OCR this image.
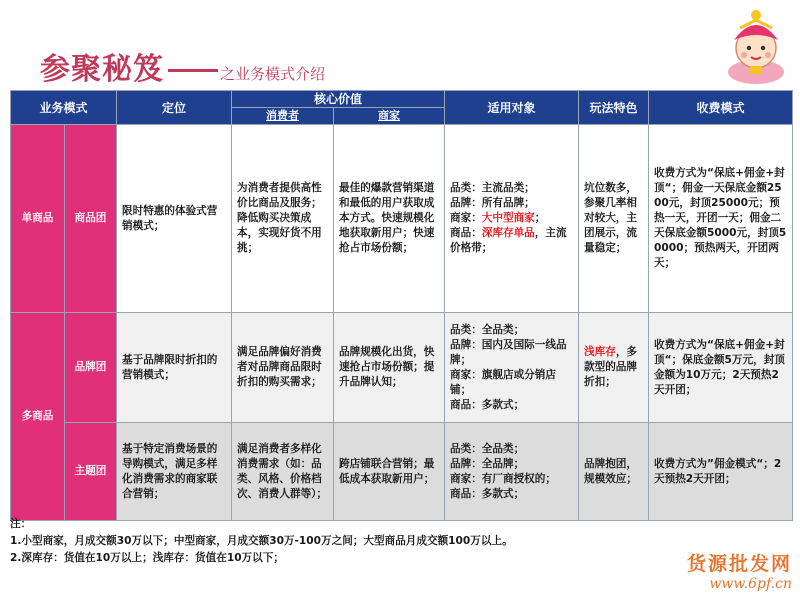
参聚秘笈	之业务模式介绍
业务模式		定位	核心价值		适用对象	玩法特色	收费模式
			消费者	商家			
单商品	商品团	限时特惠的体验式营销模式；	为消费者提供高性价比商品及服务；降低购买决策成本，实现好货不用挑；	最佳的爆款营销渠道和最低的用户获取成本方式。快速规模化地获取新用户；快速抢占市场份额；	品类：主流品类；
品牌：所有品牌；
商家：大中型商家；
商品：深库存单品，主流价格带；	坑位数多，参聚几率相对较大，主团展示，流量稳定；	收费方式为“保底+佣金+封顶“；佣金一天保底金额2500元，封顶25000元；预热一天，开团一天；佣金二天保底金额5000元，封顶50000；预热两天，开团两天；
多商品	品牌团	基于品牌限时折扣的营销模式；	满足品牌偏好消费者对品牌商品限时折扣的购买需求；	品牌规模化出货，快速抢占市场份额；提升品牌认知；	品类：全品类；
品牌：国内及国际一线品牌；
商家：旗舰店或分销店铺；
商品：多款式；	浅库存，多款型的品牌折扣；	收费方式为“保底+佣金+封顶“；保底金额5万元，封顶金额为10万元；2天预热2天开团；
	主题团	基于特定消费场景的导购模式，满足多样化消费需求的商家联合营销；	满足消费者多样化消费需求（如：品类、风格、价格档次、消费人群等）；	跨店铺联合营销；最低成本获取新用户；	品类：全品类；
品牌：全品牌；
商家：有厂商授权的；
商品：多款式；	品牌抱团，规模效应；	收费方式为”佣金模式“；2天预热2天开团；
注：
1.小型商家，月成交额30万以下；中型商家，月成交额30万-100万之间；大型商品月成交额100万以上。
2.深库存：货值在10万以上；浅库存：货值在10万以下；	货源批发网
www.6pf.cn
